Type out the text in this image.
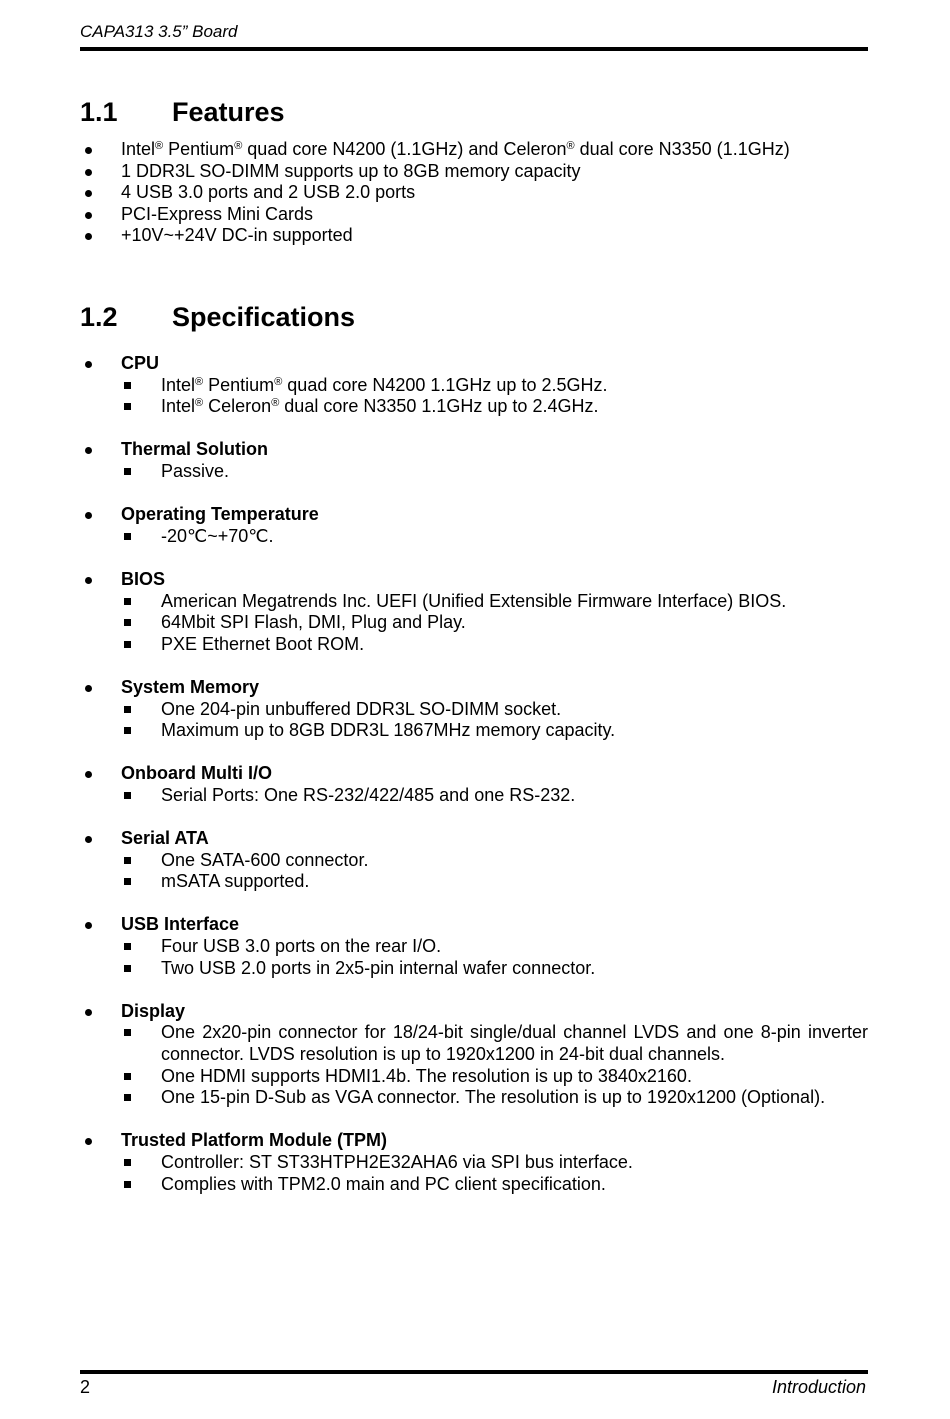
CAPA313 3.5” Board
1.1 Features
Intel® Pentium® quad core N4200 (1.1GHz) and Celeron® dual core N3350 (1.1GHz)
1 DDR3L SO-DIMM supports up to 8GB memory capacity
4 USB 3.0 ports and 2 USB 2.0 ports
PCI-Express Mini Cards
+10V~+24V DC-in supported
1.2 Specifications
CPU
Intel® Pentium® quad core N4200 1.1GHz up to 2.5GHz.
Intel® Celeron® dual core N3350 1.1GHz up to 2.4GHz.
Thermal Solution
Passive.
Operating Temperature
-20℃~+70℃.
BIOS
American Megatrends Inc. UEFI (Unified Extensible Firmware Interface) BIOS.
64Mbit SPI Flash, DMI, Plug and Play.
PXE Ethernet Boot ROM.
System Memory
One 204-pin unbuffered DDR3L SO-DIMM socket.
Maximum up to 8GB DDR3L 1867MHz memory capacity.
Onboard Multi I/O
Serial Ports: One RS-232/422/485 and one RS-232.
Serial ATA
One SATA-600 connector.
mSATA supported.
USB Interface
Four USB 3.0 ports on the rear I/O.
Two USB 2.0 ports in 2x5-pin internal wafer connector.
Display
One 2x20-pin connector for 18/24-bit single/dual channel LVDS and one 8-pin inverter connector. LVDS resolution is up to 1920x1200 in 24-bit dual channels.
One HDMI supports HDMI1.4b. The resolution is up to 3840x2160.
One 15-pin D-Sub as VGA connector. The resolution is up to 1920x1200 (Optional).
Trusted Platform Module (TPM)
Controller: ST ST33HTPH2E32AHA6 via SPI bus interface.
Complies with TPM2.0 main and PC client specification.
2	Introduction
